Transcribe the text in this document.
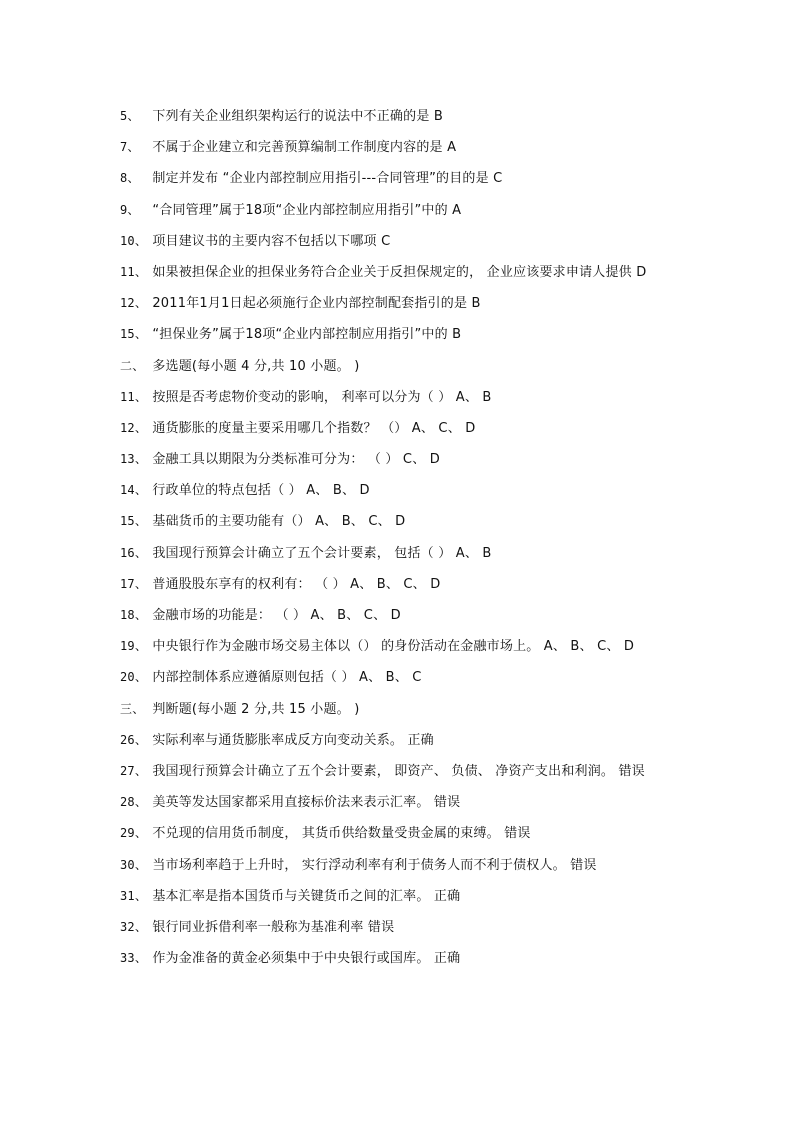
5、 下列有关企业组织架构运行的说法中不正确的是 B
7、 不属于企业建立和完善预算编制工作制度内容的是 A
8、 制定并发布 “企业内部控制应用指引---合同管理”的目的是 C
9、 “合同管理”属于18项“企业内部控制应用指引”中的 A
10、 项目建议书的主要内容不包括以下哪项 C
11、 如果被担保企业的担保业务符合企业关于反担保规定的， 企业应该要求申请人提供 D
12、 2011年1月1日起必须施行企业内部控制配套指引的是 B
15、 “担保业务”属于18项“企业内部控制应用指引”中的 B
二、 多选题(每小题 4 分,共 10 小题。 )
11、 按照是否考虑物价变动的影响， 利率可以分为（ ） A、 B
12、 通货膨胀的度量主要采用哪几个指数？ （） A、 C、 D
13、 金融工具以期限为分类标准可分为： （ ） C、 D
14、 行政单位的特点包括（ ） A、 B、 D
15、 基础货币的主要功能有（） A、 B、 C、 D
16、 我国现行预算会计确立了五个会计要素， 包括（ ） A、 B
17、 普通股股东享有的权利有： （ ） A、 B、 C、 D
18、 金融市场的功能是： （ ） A、 B、 C、 D
19、 中央银行作为金融市场交易主体以（） 的身份活动在金融市场上。 A、 B、 C、 D
20、 内部控制体系应遵循原则包括（ ） A、 B、 C
三、 判断题(每小题 2 分,共 15 小题。 )
26、 实际利率与通货膨胀率成反方向变动关系。 正确
27、 我国现行预算会计确立了五个会计要素， 即资产、 负债、 净资产支出和利润。 错误
28、 美英等发达国家都采用直接标价法来表示汇率。 错误
29、 不兑现的信用货币制度， 其货币供给数量受贵金属的束缚。 错误
30、 当市场利率趋于上升时， 实行浮动利率有利于债务人而不利于债权人。 错误
31、 基本汇率是指本国货币与关键货币之间的汇率。 正确
32、 银行同业拆借利率一般称为基准利率 错误
33、 作为金准备的黄金必须集中于中央银行或国库。 正确
